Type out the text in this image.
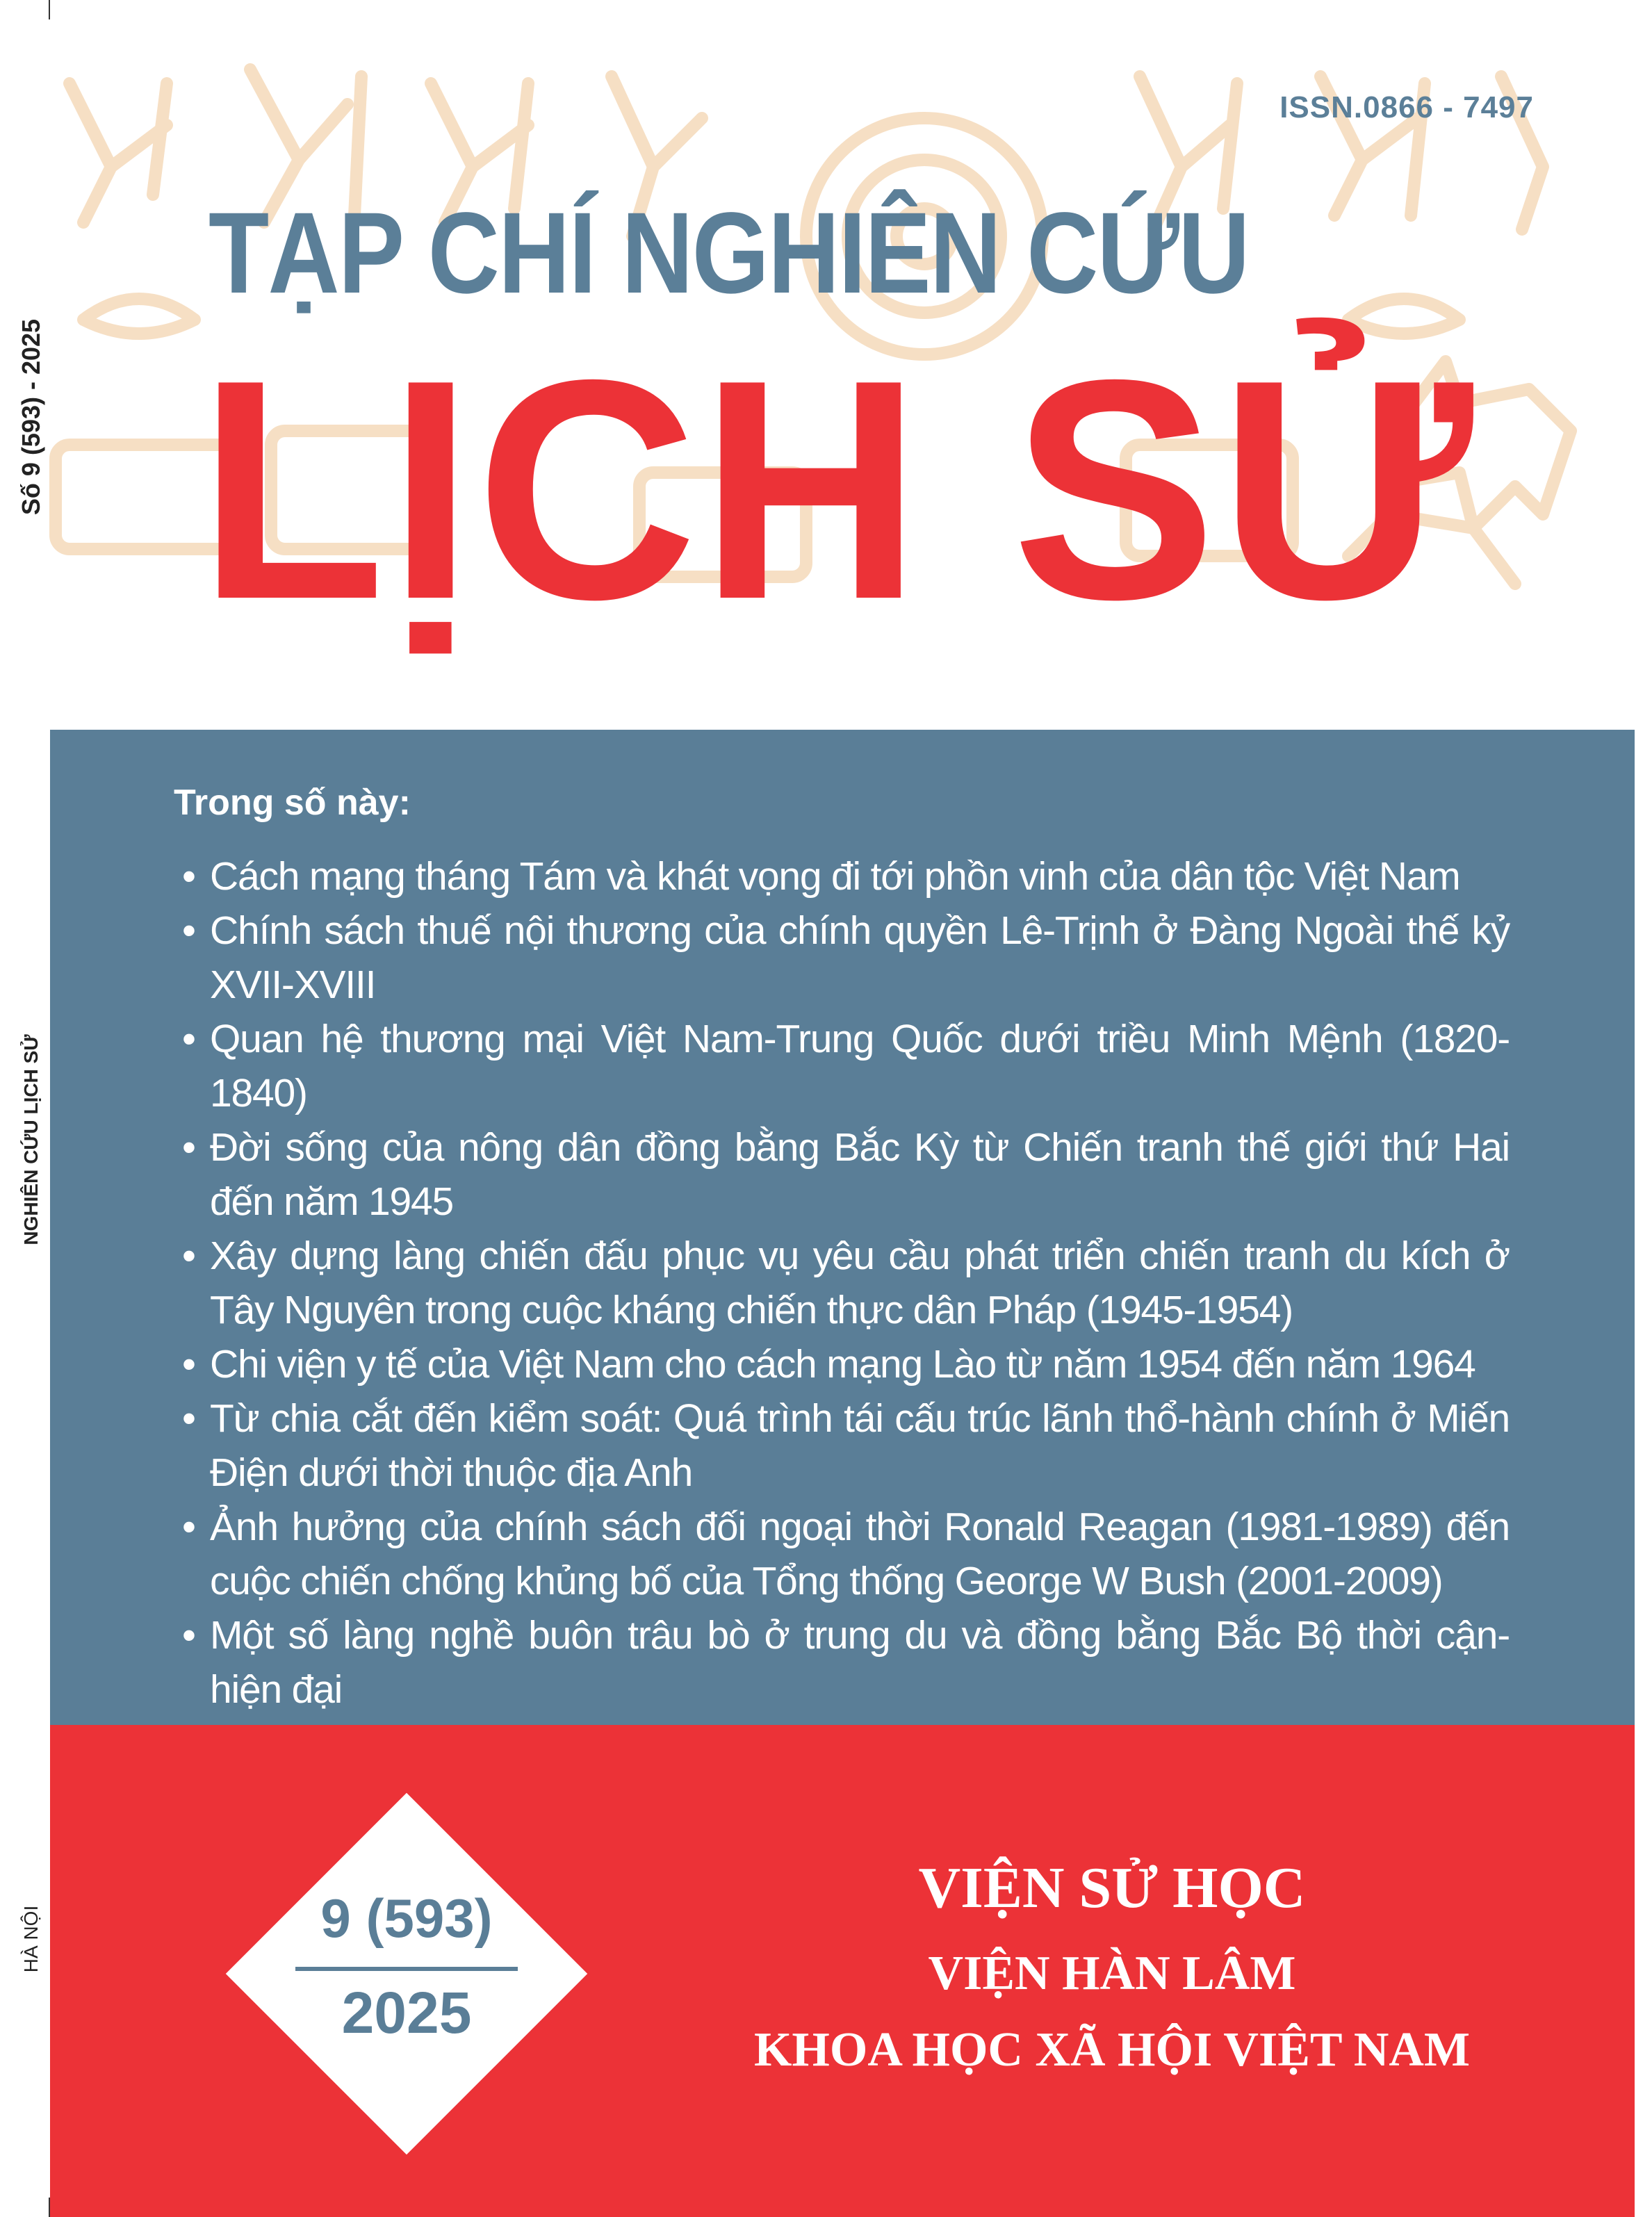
Số 9 (593) - 2025
NGHIÊN CỨU LỊCH SỬ
HÀ NỘI
ISSN.0866 - 7497
TẠP CHÍ NGHIÊN CỨU
LỊCH SỬ
Trong số này:
• Cách mạng tháng Tám và khát vọng đi tới phồn vinh của dân tộc Việt Nam
• Chính sách thuế nội thương của chính quyền Lê-Trịnh ở Đàng Ngoài thế kỷ XVII-XVIII
• Quan hệ thương mại Việt Nam-Trung Quốc dưới triều Minh Mệnh (1820-1840)
• Đời sống của nông dân đồng bằng Bắc Kỳ từ Chiến tranh thế giới thứ Hai đến năm 1945
• Xây dựng làng chiến đấu phục vụ yêu cầu phát triển chiến tranh du kích ở Tây Nguyên trong cuộc kháng chiến thực dân Pháp (1945-1954)
• Chi viện y tế của Việt Nam cho cách mạng Lào từ năm 1954 đến năm 1964
• Từ chia cắt đến kiểm soát: Quá trình tái cấu trúc lãnh thổ-hành chính ở Miến Điện dưới thời thuộc địa Anh
• Ảnh hưởng của chính sách đối ngoại thời Ronald Reagan (1981-1989) đến cuộc chiến chống khủng bố của Tổng thống George W Bush (2001-2009)
• Một số làng nghề buôn trâu bò ở trung du và đồng bằng Bắc Bộ thời cận-hiện đại
9 (593)
2025
VIỆN SỬ HỌC
VIỆN HÀN LÂM
KHOA HỌC XÃ HỘI VIỆT NAM
